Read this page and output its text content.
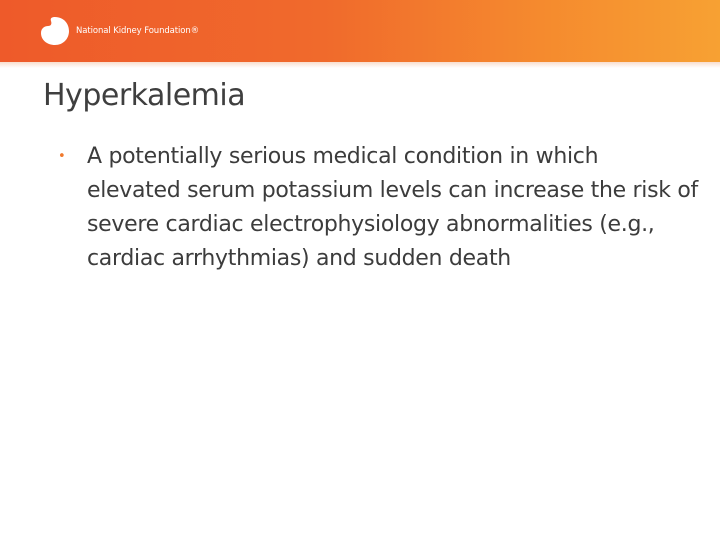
National Kidney Foundation®
Hyperkalemia
• A potentially serious medical condition in which elevated serum potassium levels can increase the risk of severe cardiac electrophysiology abnormalities (e.g., cardiac arrhythmias) and sudden death
